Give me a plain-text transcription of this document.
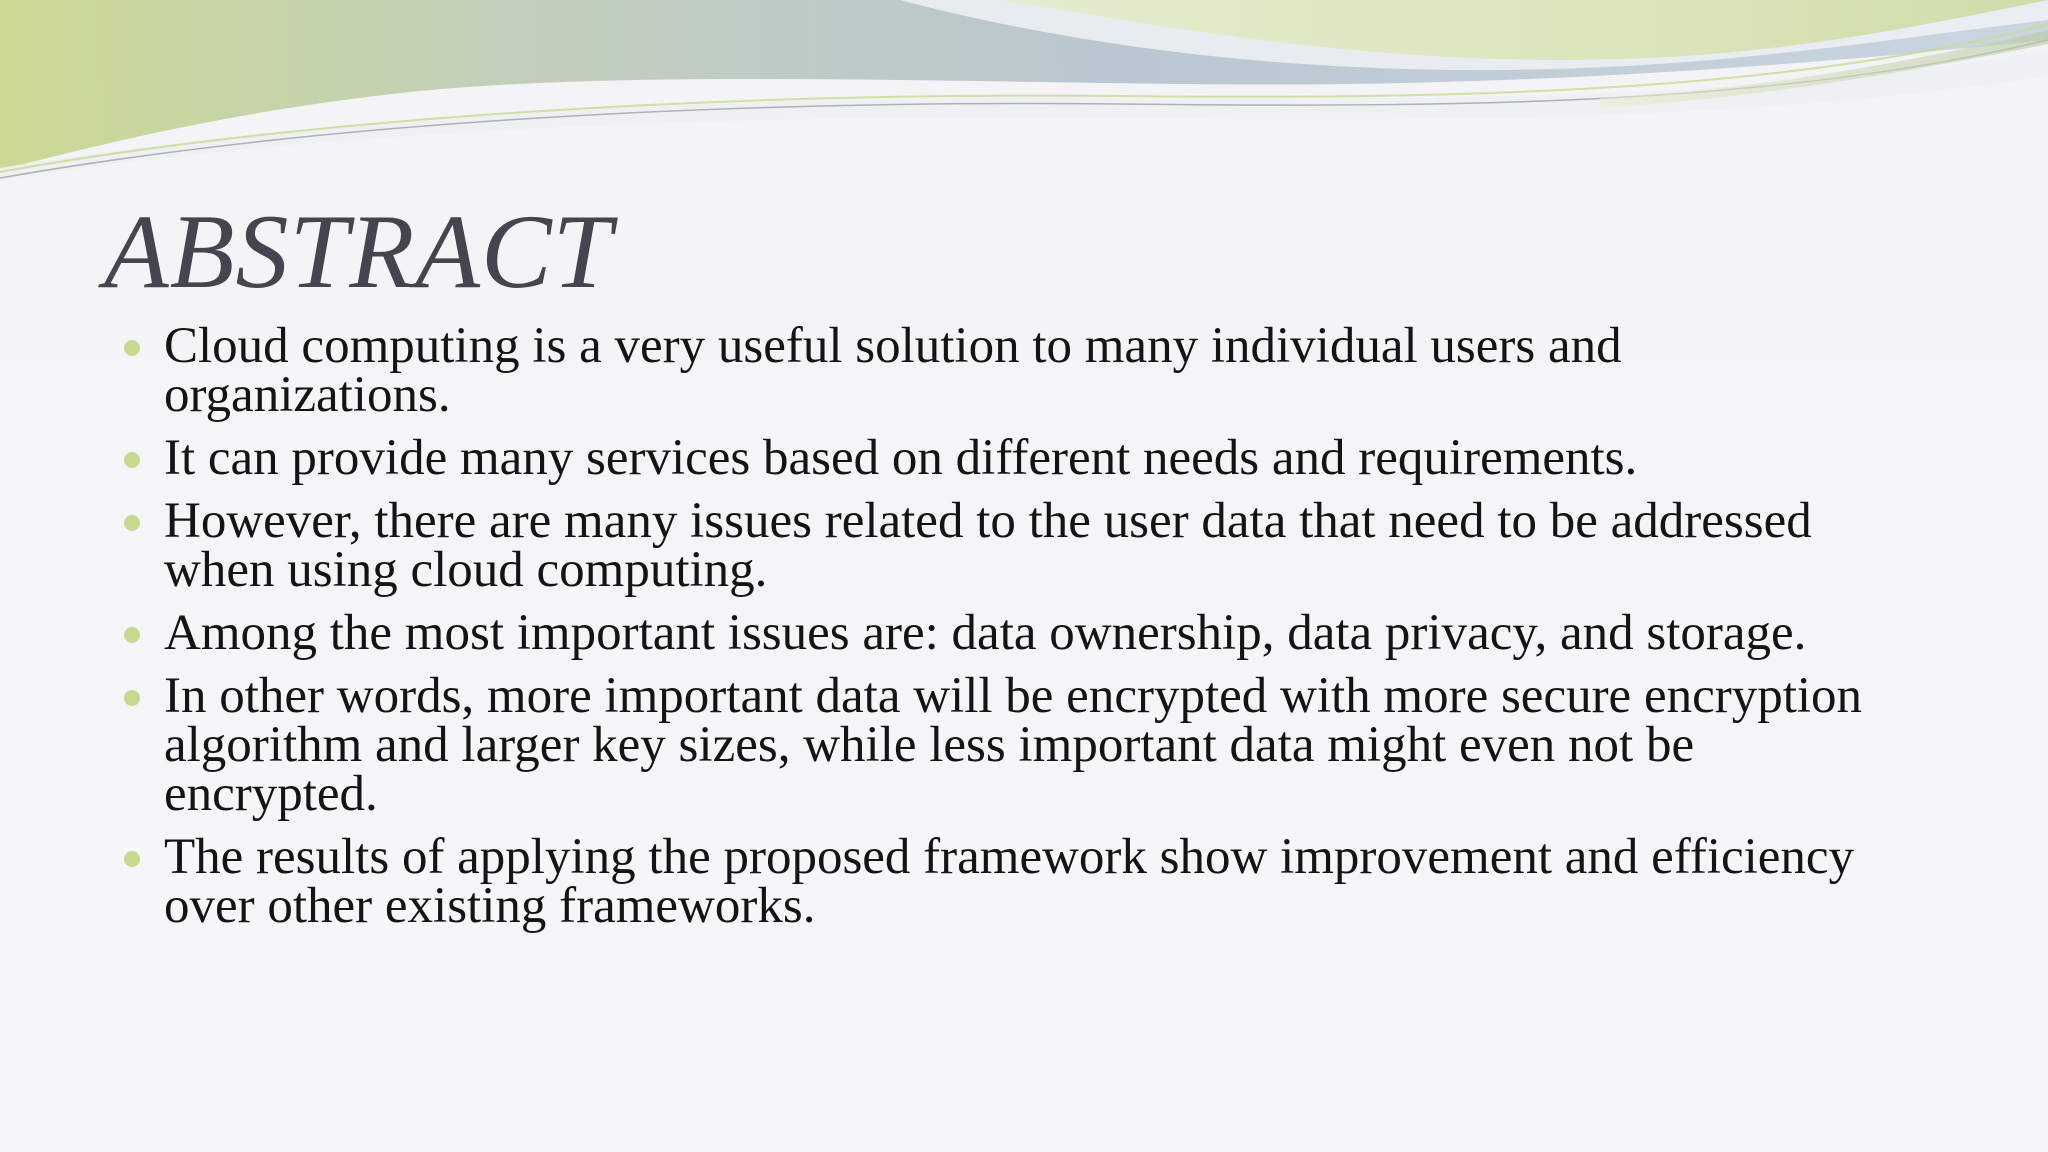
ABSTRACT
Cloud computing is a very useful solution to many individual users and organizations.
It can provide many services based on different needs and requirements.
However, there are many issues related to the user data that need to be addressed when using cloud computing.
Among the most important issues are: data ownership, data privacy, and storage.
In other words, more important data will be encrypted with more secure encryption algorithm and larger key sizes, while less important data might even not be encrypted.
The results of applying the proposed framework show improvement and efficiency over other existing frameworks.
